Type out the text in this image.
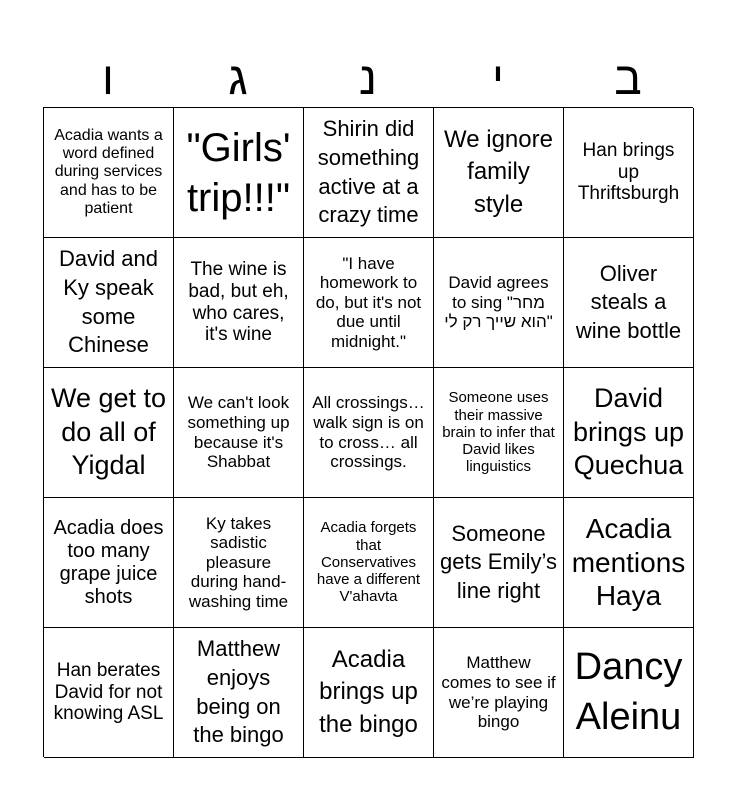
ו	ג	נ	י	ב
Acadia wants a word defined during services and has to be patient
"Girls' trip!!!"
Shirin did something active at a crazy time
We ignore family style
Han brings up Thriftsburgh
David and Ky speak some Chinese
The wine is bad, but eh, who cares, it's wine
"I have homework to do, but it's not due until midnight."
David agrees to sing "מחר הוא שייך רק לי"
Oliver steals a wine bottle
We get to do all of Yigdal
We can't look something up because it's Shabbat
All crossings… walk sign is on to cross… all crossings.
Someone uses their massive brain to infer that David likes linguistics
David brings up Quechua
Acadia does too many grape juice shots
Ky takes sadistic pleasure during hand-washing time
Acadia forgets that Conservatives have a different V'ahavta
Someone gets Emily’s line right
Acadia mentions Haya
Han berates David for not knowing ASL
Matthew enjoys being on the bingo
Acadia brings up the bingo
Matthew comes to see if we’re playing bingo
Dancy Aleinu
